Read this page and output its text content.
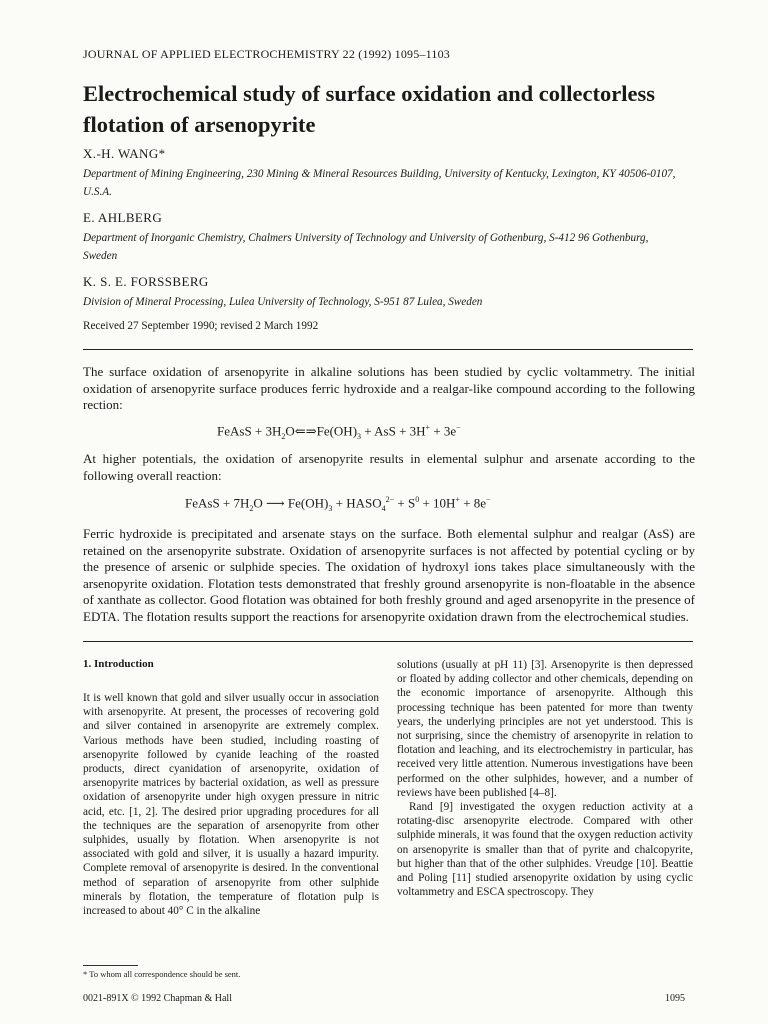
JOURNAL OF APPLIED ELECTROCHEMISTRY 22 (1992) 1095–1103
Electrochemical study of surface oxidation and collectorless flotation of arsenopyrite
X.-H. WANG*
Department of Mining Engineering, 230 Mining & Mineral Resources Building, University of Kentucky, Lexington, KY 40506-0107, U.S.A.
E. AHLBERG
Department of Inorganic Chemistry, Chalmers University of Technology and University of Gothenburg, S-412 96 Gothenburg, Sweden
K. S. E. FORSSBERG
Division of Mineral Processing, Lulea University of Technology, S-951 87 Lulea, Sweden
Received 27 September 1990; revised 2 March 1992

The surface oxidation of arsenopyrite in alkaline solutions has been studied by cyclic voltammetry. The initial oxidation of arsenopyrite surface produces ferric hydroxide and a realgar-like compound according to the following rection:

FeAsS + $3H_2O⇐\Rightarrow Fe(OH)_3$ + AsS + 3H+ + 3e−

At higher potentials, the oxidation of arsenopyrite results in elemental sulphur and arsenate according to the following overall reaction:

FeAsS + $7H_2O$ ⟶ $Fe(OH)_3$ + $HASO_4^{2-} + S^0 + 10H^+ + 8e^-$

Ferric hydroxide is precipitated and arsenate stays on the surface. Both elemental sulphur and realgar (AsS) are retained on the arsenopyrite substrate. Oxidation of arsenopyrite surfaces is not affected by potential cycling or by the presence of arsenic or sulphide species. The oxidation of hydroxyl ions takes place simultaneously with the arsenopyrite oxidation. Flotation tests demonstrated that freshly ground arsenopyrite is non-floatable in the absence of xanthate as collector. Good flotation was obtained for both freshly ground and aged arsenopyrite in the presence of EDTA. The flotation results support the reactions for arsenopyrite oxidation drawn from the electrochemical studies.

1. Introduction

It is well known that gold and silver usually occur in association with arsenopyrite. At present, the processes of recovering gold and silver contained in arsenopyrite are extremely complex. Various methods have been studied, including roasting of arsenopyrite followed by cyanide leaching of the roasted products, direct cyanidation of arsenopyrite, oxidation of arsenopyrite matrices by bacterial oxidation, as well as pressure oxidation of arsenopyrite under high oxygen pressure in nitric acid, etc. [1, 2]. The desired prior upgrading procedures for all the techniques are the separation of arsenopyrite from other sulphides, usually by flotation. When arsenopyrite is not associated with gold and silver, it is usually a hazard impurity. Complete removal of arsenopyrite is desired. In the conventional method of separation of arsenopyrite from other sulphide minerals by flotation, the temperature of flotation pulp is increased to about 40° C in the alkaline

solutions (usually at pH 11) [3]. Arsenopyrite is then depressed or floated by adding collector and other chemicals, depending on the economic importance of arsenopyrite. Although this processing technique has been patented for more than twenty years, the underlying principles are not yet understood. This is not surprising, since the chemistry of arsenopyrite in relation to flotation and leaching, and its electrochemistry in particular, has received very little attention. Numerous investigations have been performed on the other sulphides, however, and a number of reviews have been published [4–8].

Rand [9] investigated the oxygen reduction activity at a rotating-disc arsenopyrite electrode. Compared with other sulphide minerals, it was found that the oxygen reduction activity on arsenopyrite is smaller than that of pyrite and chalcopyrite, but higher than that of the other sulphides. Vreudge [10]. Beattie and Poling [11] studied arsenopyrite oxidation by using cyclic voltammetry and ESCA spectroscopy. They

* To whom all correspondence should be sent.
0021-891X © 1992 Chapman & Hall	1095
